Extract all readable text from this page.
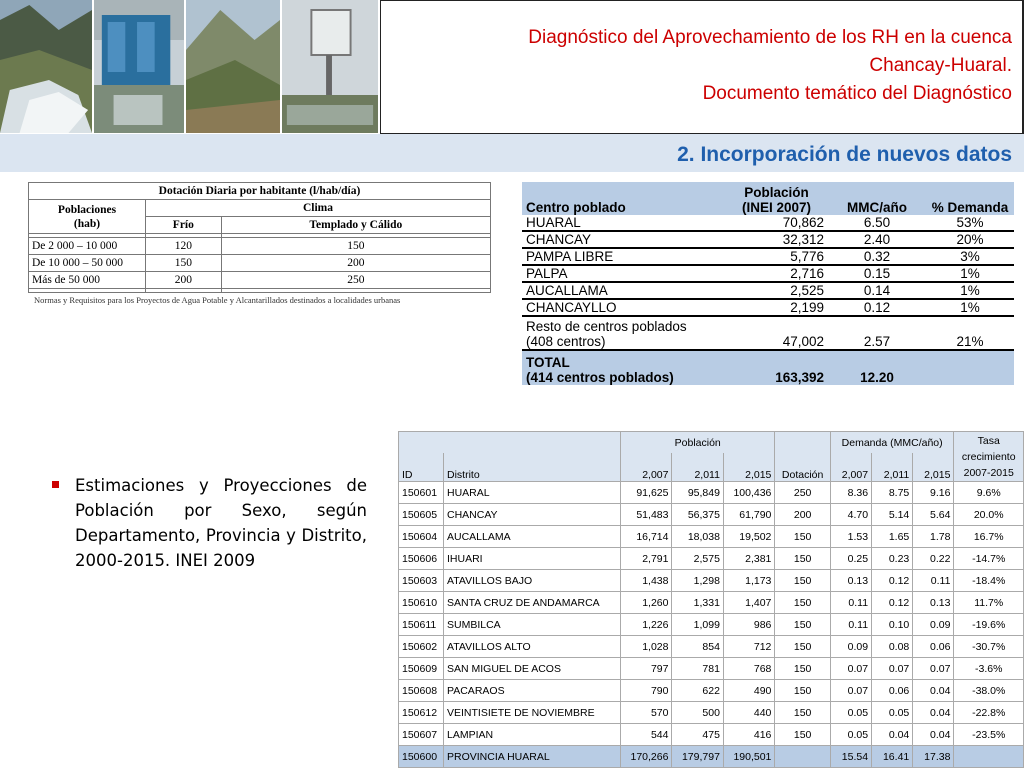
Diagnóstico del Aprovechamiento de los RH en la cuenca
Chancay-Huaral.
Documento temático del Diagnóstico
2. Incorporación de nuevos datos
Dotación Diaria por habitante (l/hab/día)		

Poblaciones
(hab)	Clima	
	Frío	Templado y Cálido

De 2 000 – 10 000	120	150
De 10 000 – 50 000	150	200
Más de 50 000	200	250

Normas y Requisitos para los Proyectos de Agua Potable y Alcantarillados destinados a localidades urbanas
Centro poblado	Población
(INEI 2007)	MMC/año	% Demanda
HUARAL	70,862	6.50	53%
CHANCAY	32,312	2.40	20%
PAMPA LIBRE	5,776	0.32	3%
PALPA	2,716	0.15	1%
AUCALLAMA	2,525	0.14	1%
CHANCAYLLO	2,199	0.12	1%

Resto de centros poblados
(408 centros)	47,002	2.57	21%

TOTAL
(414 centros poblados)	163,392	12.20	
Estimaciones y Proyecciones de Población por Sexo, según Departamento, Provincia y Distrito, 2000-2015. INEI 2009
		Población				Demanda (MMC/año)			Tasa
crecimiento
2007-2015

ID	Distrito	2,007	2,011	2,015	Dotación	2,007	2,011	2,015	
150601	HUARAL	91,625	95,849	100,436	250	8.36	8.75	9.16	9.6%
150605	CHANCAY	51,483	56,375	61,790	200	4.70	5.14	5.64	20.0%
150604	AUCALLAMA	16,714	18,038	19,502	150	1.53	1.65	1.78	16.7%
150606	IHUARI	2,791	2,575	2,381	150	0.25	0.23	0.22	-14.7%
150603	ATAVILLOS BAJO	1,438	1,298	1,173	150	0.13	0.12	0.11	-18.4%
150610	SANTA CRUZ DE ANDAMARCA	1,260	1,331	1,407	150	0.11	0.12	0.13	11.7%
150611	SUMBILCA	1,226	1,099	986	150	0.11	0.10	0.09	-19.6%
150602	ATAVILLOS ALTO	1,028	854	712	150	0.09	0.08	0.06	-30.7%
150609	SAN MIGUEL DE ACOS	797	781	768	150	0.07	0.07	0.07	-3.6%
150608	PACARAOS	790	622	490	150	0.07	0.06	0.04	-38.0%
150612	VEINTISIETE DE NOVIEMBRE	570	500	440	150	0.05	0.05	0.04	-22.8%
150607	LAMPIAN	544	475	416	150	0.05	0.04	0.04	-23.5%
150600	PROVINCIA HUARAL	170,266	179,797	190,501		15.54	16.41	17.38	
